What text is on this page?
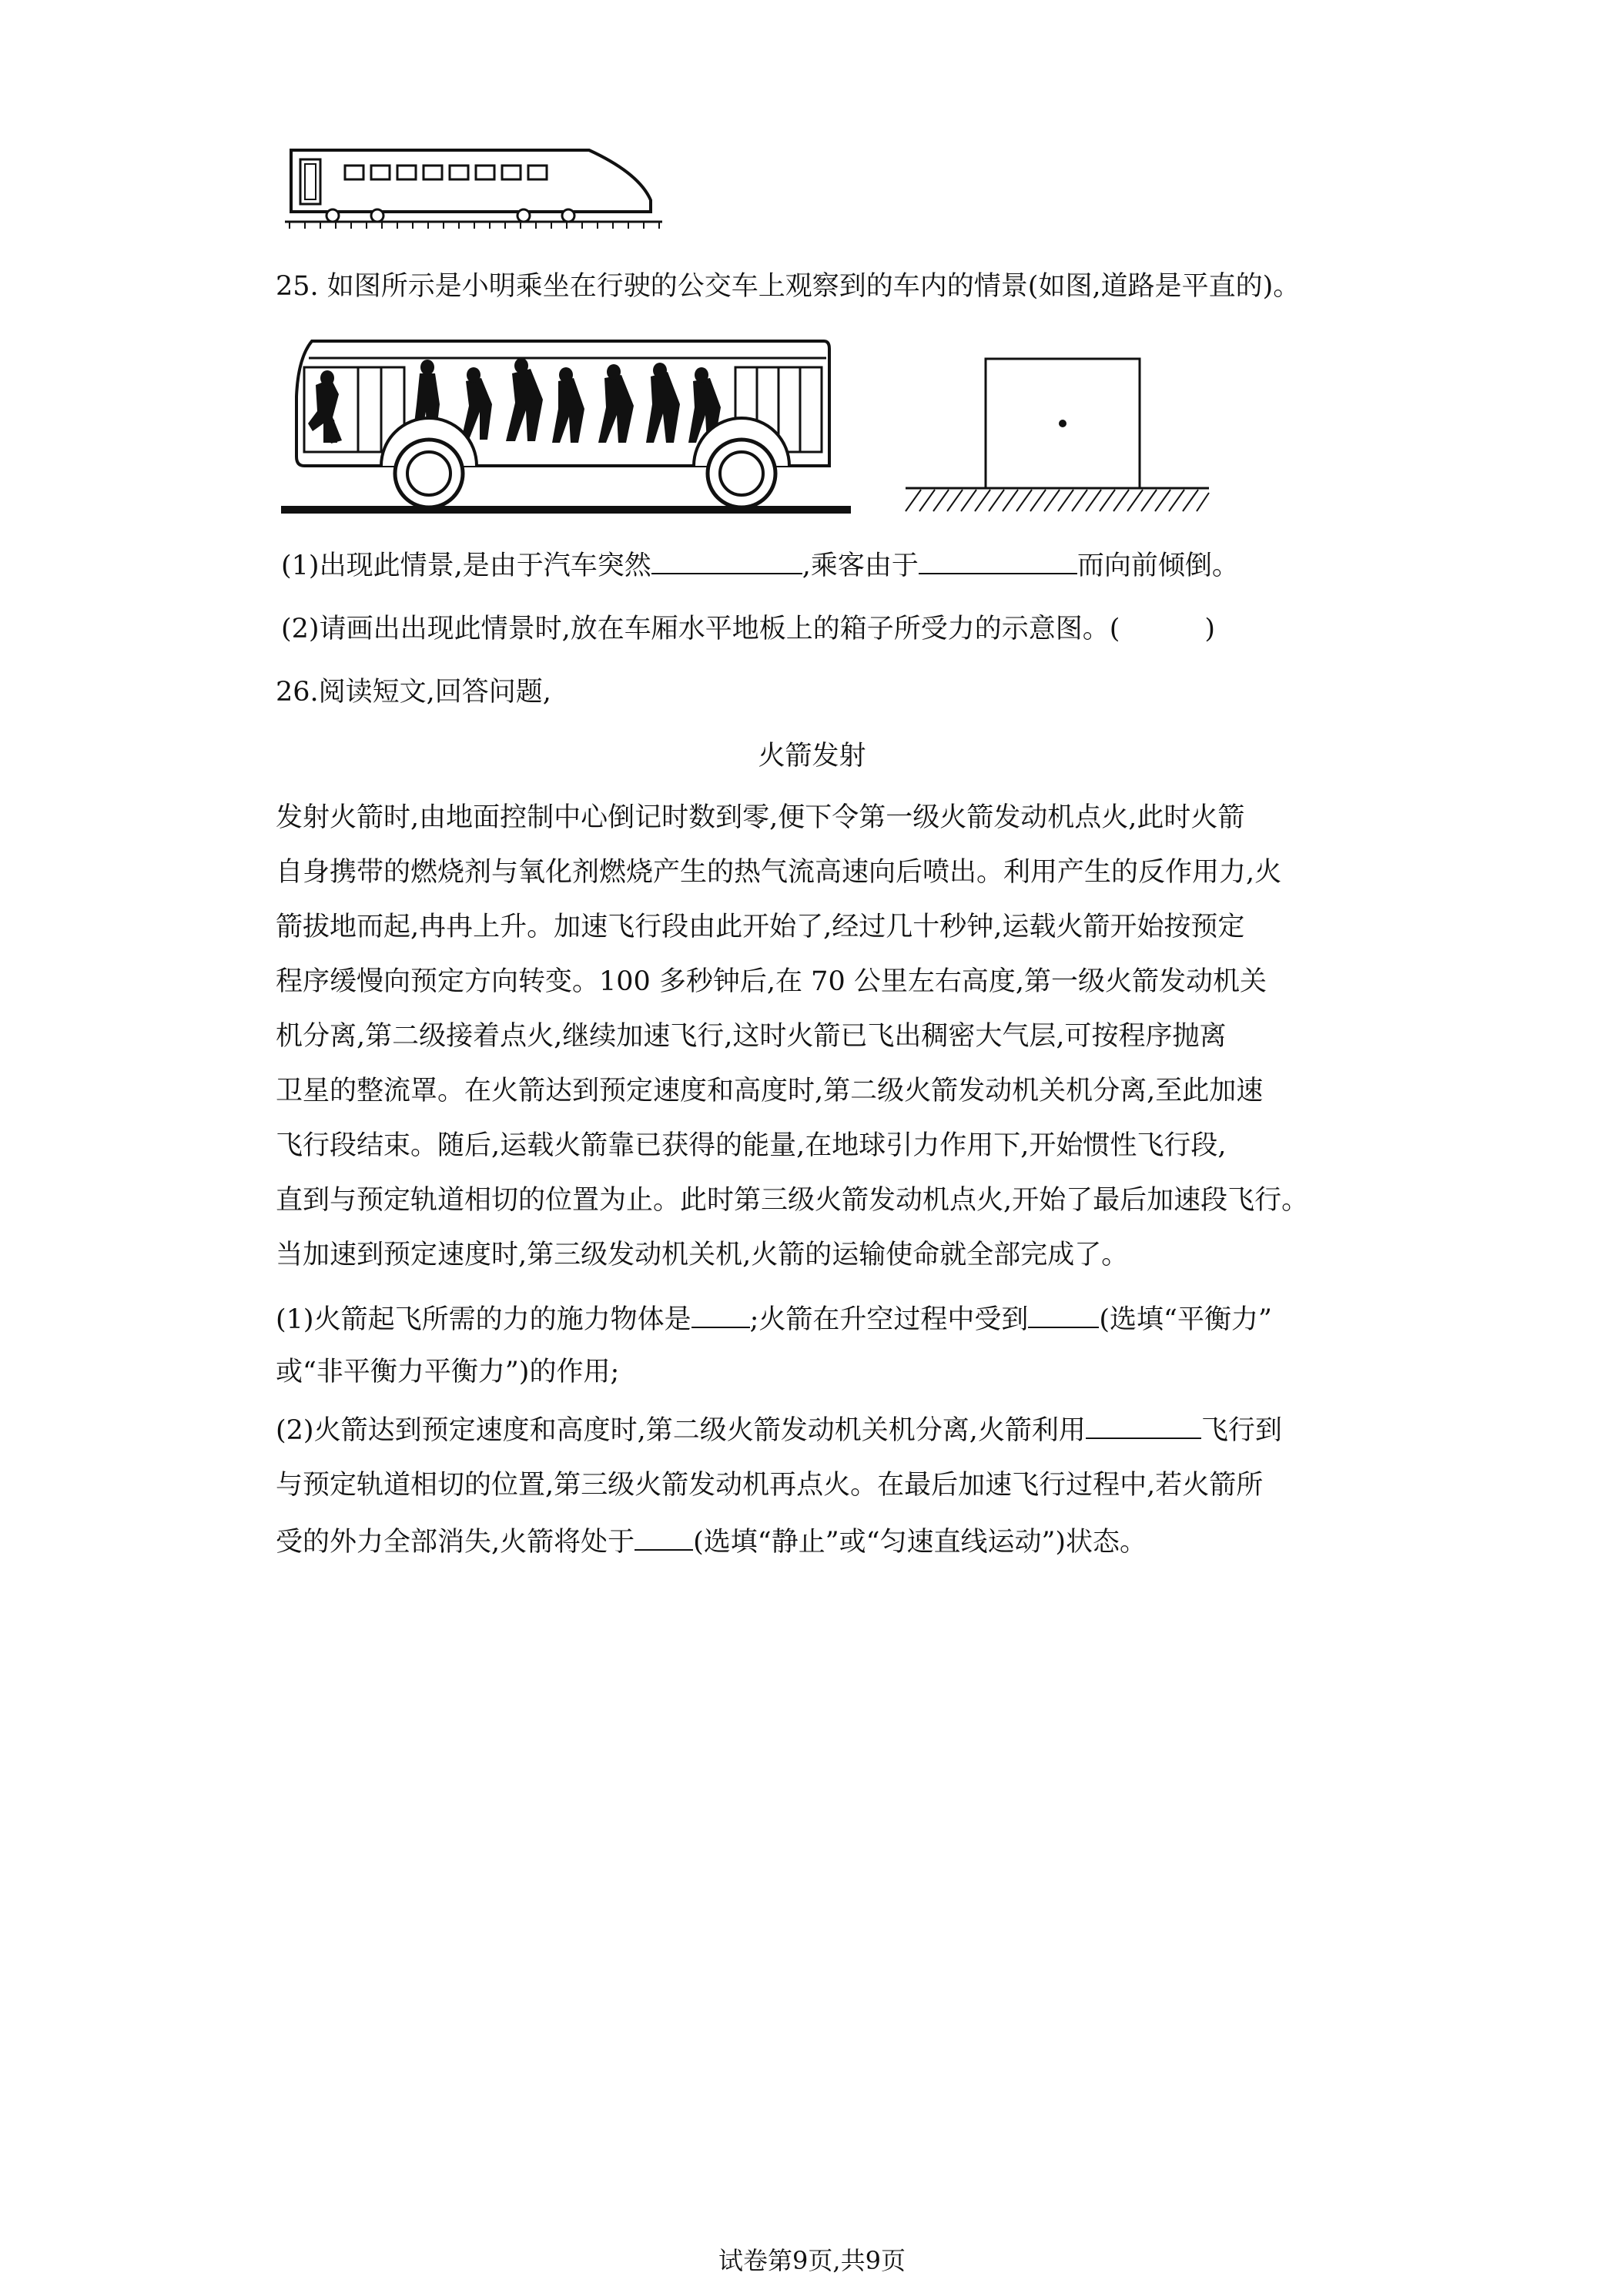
25. 如图所示是小明乘坐在行驶的公交车上观察到的车内的情景(如图,道路是平直的)。
(1)出现此情景,是由于汽车突然	,乘客由于	而向前倾倒。
(2)请画出出现此情景时,放在车厢水平地板上的箱子所受力的示意图。(	)
26.阅读短文,回答问题,
火箭发射
发射火箭时,由地面控制中心倒记时数到零,便下令第一级火箭发动机点火,此时火箭
自身携带的燃烧剂与氧化剂燃烧产生的热气流高速向后喷出。利用产生的反作用力,火
箭拔地而起,冉冉上升。加速飞行段由此开始了,经过几十秒钟,运载火箭开始按预定
程序缓慢向预定方向转变。100 多秒钟后,在 70 公里左右高度,第一级火箭发动机关
机分离,第二级接着点火,继续加速飞行,这时火箭已飞出稠密大气层,可按程序抛离
卫星的整流罩。在火箭达到预定速度和高度时,第二级火箭发动机关机分离,至此加速
飞行段结束。随后,运载火箭靠已获得的能量,在地球引力作用下,开始惯性飞行段,
直到与预定轨道相切的位置为止。此时第三级火箭发动机点火,开始了最后加速段飞行。
当加速到预定速度时,第三级发动机关机,火箭的运输使命就全部完成了。
(1)火箭起飞所需的力的施力物体是 ;火箭在升空过程中受到	(选填“平衡力”
或“非平衡力平衡力”)的作用;
(2)火箭达到预定速度和高度时,第二级火箭发动机关机分离,火箭利用	飞行到
与预定轨道相切的位置,第三级火箭发动机再点火。在最后加速飞行过程中,若火箭所
受的外力全部消失,火箭将处于 (选填“静止”或“匀速直线运动”)状态。
试卷第9页,共9页
